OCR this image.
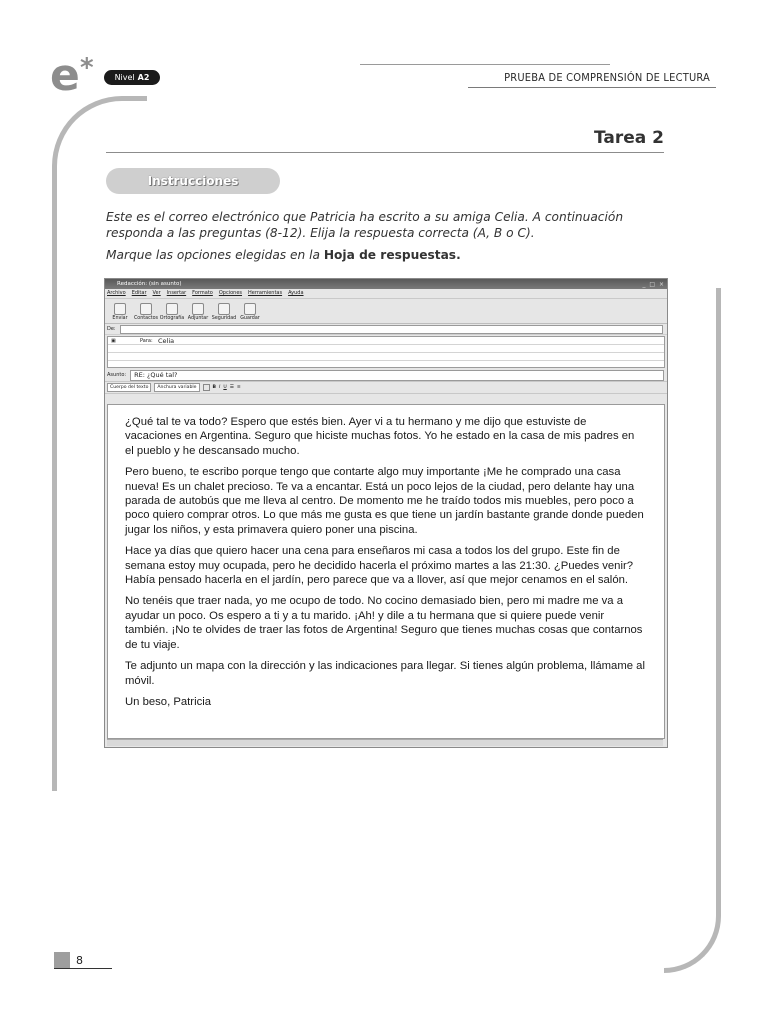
e *	Nivel A2	PRUEBA DE COMPRENSIÓN DE LECTURA
Tarea 2
Instrucciones
Este es el correo electrónico que Patricia ha escrito a su amiga Celia. A continuación responda a las preguntas (8-12). Elija la respuesta correcta (A, B o C).
Marque las opciones elegidas en la Hoja de respuestas.
Redacción: (sin asunto)	_ □ ×
Archivo Editar Ver Insertar Formato Opciones Herramientas Ayuda
Enviar Contactos Ortografía Adjuntar Seguridad Guardar
De:
▣	Para: Celia
Asunto:	RE: ¿Qué tal?
Cuerpo del texto	Anchura variable	B I U ☰ ≡

¿Qué tal te va todo? Espero que estés bien. Ayer vi a tu hermano y me dijo que estuviste de vacaciones en Argentina. Seguro que hiciste muchas fotos. Yo he estado en la casa de mis padres en el pueblo y he descansado mucho.

Pero bueno, te escribo porque tengo que contarte algo muy importante ¡Me he comprado una casa nueva! Es un chalet precioso. Te va a encantar. Está un poco lejos de la ciudad, pero delante hay una parada de autobús que me lleva al centro. De momento me he traído todos mis muebles, pero poco a poco quiero comprar otros. Lo que más me gusta es que tiene un jardín bastante grande donde pueden jugar los niños, y esta primavera quiero poner una piscina.

Hace ya días que quiero hacer una cena para enseñaros mi casa a todos los del grupo. Este fin de semana estoy muy ocupada, pero he decidido hacerla el próximo martes a las 21:30. ¿Puedes venir? Había pensado hacerla en el jardín, pero parece que va a llover, así que mejor cenamos en el salón.

No tenéis que traer nada, yo me ocupo de todo. No cocino demasiado bien, pero mi madre me va a ayudar un poco. Os espero a ti y a tu marido. ¡Ah! y dile a tu hermana que si quiere puede venir también. ¡No te olvides de traer las fotos de Argentina! Seguro que tienes muchas cosas que contarnos de tu viaje.

Te adjunto un mapa con la dirección y las indicaciones para llegar. Si tienes algún problema, llámame al móvil.

Un beso, Patricia

8
